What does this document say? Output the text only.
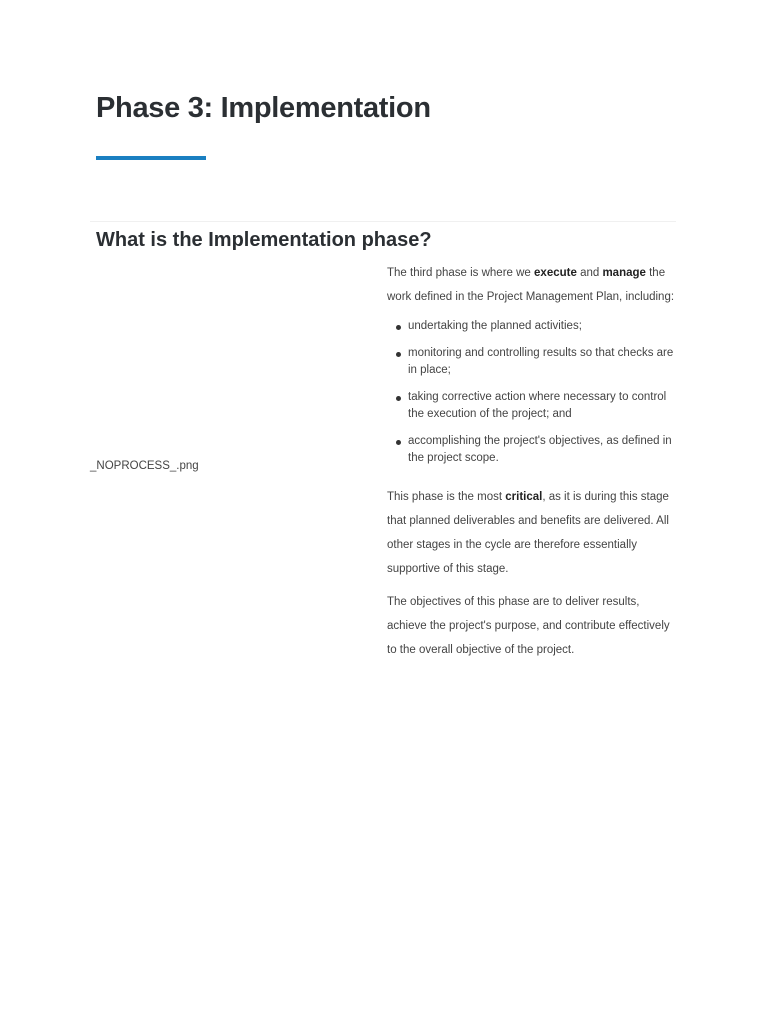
Phase 3: Implementation
What is the Implementation phase?
_NOPROCESS_.png

The third phase is where we execute and manage the work defined in the Project Management Plan, including:

undertaking the planned activities;
monitoring and controlling results so that checks are in place;
taking corrective action where necessary to control the execution of the project; and
accomplishing the project's objectives, as defined in the project scope.

This phase is the most critical, as it is during this stage that planned deliverables and benefits are delivered. All other stages in the cycle are therefore essentially supportive of this stage.

The objectives of this phase are to deliver results, achieve the project's purpose, and contribute effectively to the overall objective of the project.
